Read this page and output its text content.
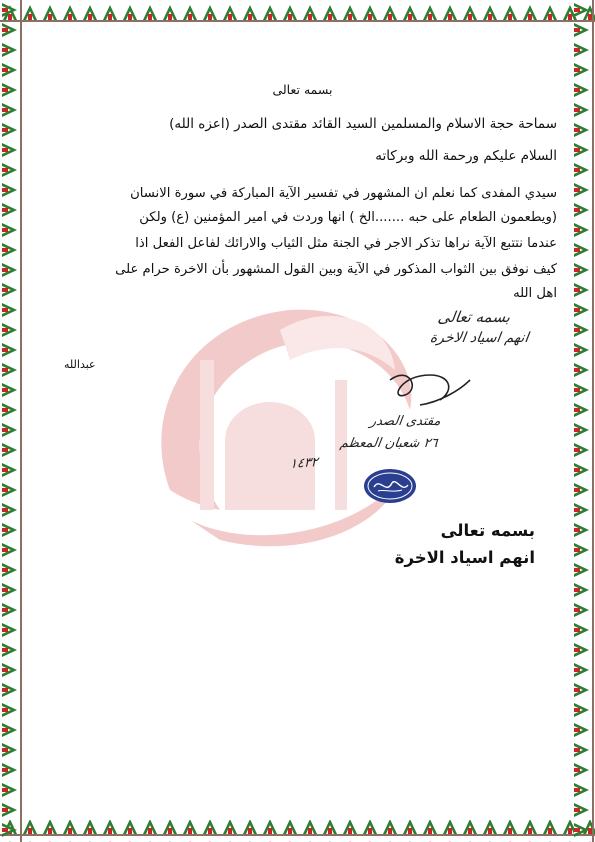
بسمه تعالى
سماحة حجة الاسلام والمسلمين السيد القائد مقتدى الصدر (اعزه الله)
السلام عليكم ورحمة الله وبركاته
سيدي المفدى كما نعلم ان المشهور في تفسير الآية المباركة في سورة الانسان
(ويطعمون الطعام على حبه .......الخ ) انها وردت في امير المؤمنين (ع) ولكن
عندما نتتبع الآية نراها تذكر الاجر في الجنة مثل الثياب والارائك لفاعل الفعل اذا
كيف نوفق بين الثواب المذكور في الآية وبين القول المشهور بأن الاخرة حرام على
اهل الله
عبدالله
بسمه تعالى
انهم اسياد الاخرة
مقتدى الصدر
٢٦ شعبان المعظم
١٤٣٢
بسمه تعالى
انهم اسياد الاخرة
